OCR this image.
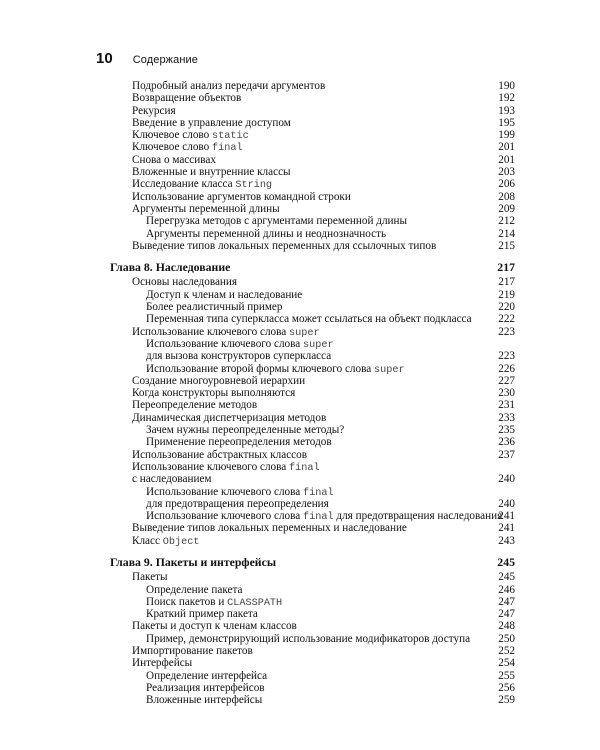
10 Содержание
Подробный анализ передачи аргументов	190
Возвращение объектов	192
Рекурсия	193
Введение в управление доступом	195
Ключевое слово static	199
Ключевое слово final	201
Снова о массивах	201
Вложенные и внутренние классы	203
Исследование класса String	206
Использование аргументов командной строки	208
Аргументы переменной длины	209
Перегрузка методов с аргументами переменной длины	212
Аргументы переменной длины и неоднозначность	214
Выведение типов локальных переменных для ссылочных типов	215
Глава 8. Наследование	217
Основы наследования	217
Доступ к членам и наследование	219
Более реалистичный пример	220
Переменная типа суперкласса может ссылаться на объект подкласса 222
Использование ключевого слова super	223
Использование ключевого слова super
для вызова конструкторов суперкласса	223
Использование второй формы ключевого слова super	226
Создание многоуровневой иерархии	227
Когда конструкторы выполняются	230
Переопределение методов	231
Динамическая диспетчеризация методов	233
Зачем нужны переопределенные методы?	235
Применение переопределения методов	236
Использование абстрактных классов	237
Использование ключевого слова final
с наследованием	240
Использование ключевого слова final
для предотвращения переопределения	240
Использование ключевого слова final для предотвращения наследования
241
Выведение типов локальных переменных и наследование	241
Класс Object	243
Глава 9. Пакеты и интерфейсы	245
Пакеты	245
Определение пакета	246
Поиск пакетов и CLASSPATH	247
Краткий пример пакета	247
Пакеты и доступ к членам классов	248
Пример, демонстрирующий использование модификаторов доступа	250
Импортирование пакетов	252
Интерфейсы	254
Определение интерфейса	255
Реализация интерфейсов	256
Вложенные интерфейсы	259
